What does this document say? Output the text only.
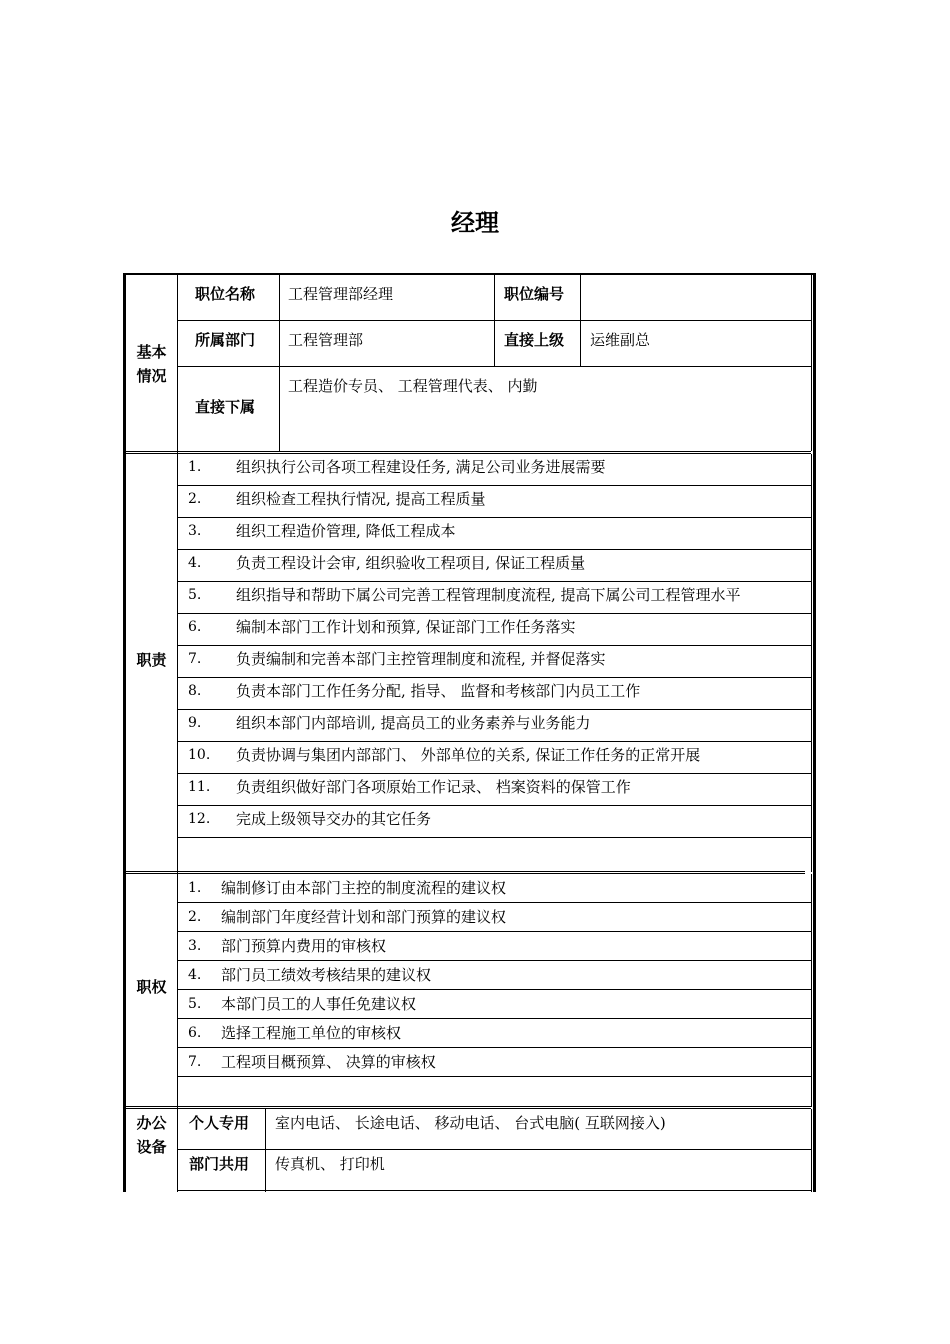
经理
基本
情况
职位名称 工程管理部经理	职位编号
所属部门 工程管理部	直接上级 运维副总
直接下属
工程造价专员、 工程管理代表、 内勤
职责
1. 组织执行公司各项工程建设任务, 满足公司业务进展需要
2. 组织检查工程执行情况, 提高工程质量
3. 组织工程造价管理, 降低工程成本
4. 负责工程设计会审, 组织验收工程项目, 保证工程质量
5. 组织指导和帮助下属公司完善工程管理制度流程, 提高下属公司工程管理水平
6. 编制本部门工作计划和预算, 保证部门工作任务落实
7. 负责编制和完善本部门主控管理制度和流程, 并督促落实
8. 负责本部门工作任务分配, 指导、 监督和考核部门内员工工作
9. 组织本部门内部培训, 提高员工的业务素养与业务能力
10. 负责协调与集团内部部门、 外部单位的关系, 保证工作任务的正常开展
11. 负责组织做好部门各项原始工作记录、 档案资料的保管工作
12. 完成上级领导交办的其它任务
职权
1. 编制修订由本部门主控的制度流程的建议权
2. 编制部门年度经营计划和部门预算的建议权
3. 部门预算内费用的审核权
4. 部门员工绩效考核结果的建议权
5. 本部门员工的人事任免建议权
6. 选择工程施工单位的审核权
7. 工程项目概预算、 决算的审核权
办公
设备
个人专用 室内电话、 长途电话、 移动电话、 台式电脑( 互联网接入)
部门共用 传真机、 打印机
